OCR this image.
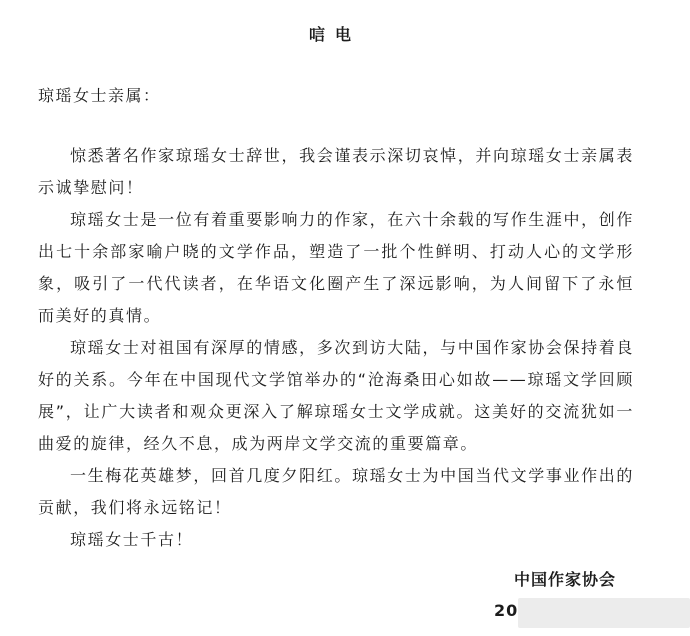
唁电
琼瑶女士亲属：

惊悉著名作家琼瑶女士辞世，我会谨表示深切哀悼，并向琼瑶女士亲属表示诚挚慰问！

琼瑶女士是一位有着重要影响力的作家，在六十余载的写作生涯中，创作出七十余部家喻户晓的文学作品，塑造了一批个性鲜明、打动人心的文学形象，吸引了一代代读者，在华语文化圈产生了深远影响，为人间留下了永恒而美好的真情。

琼瑶女士对祖国有深厚的情感，多次到访大陆，与中国作家协会保持着良好的关系。今年在中国现代文学馆举办的“沧海桑田心如故——琼瑶文学回顾展”，让广大读者和观众更深入了解琼瑶女士文学成就。这美好的交流犹如一曲爱的旋律，经久不息，成为两岸文学交流的重要篇章。

一生梅花英雄梦，回首几度夕阳红。琼瑶女士为中国当代文学事业作出的贡献，我们将永远铭记！

琼瑶女士千古！

中国作家协会
20
